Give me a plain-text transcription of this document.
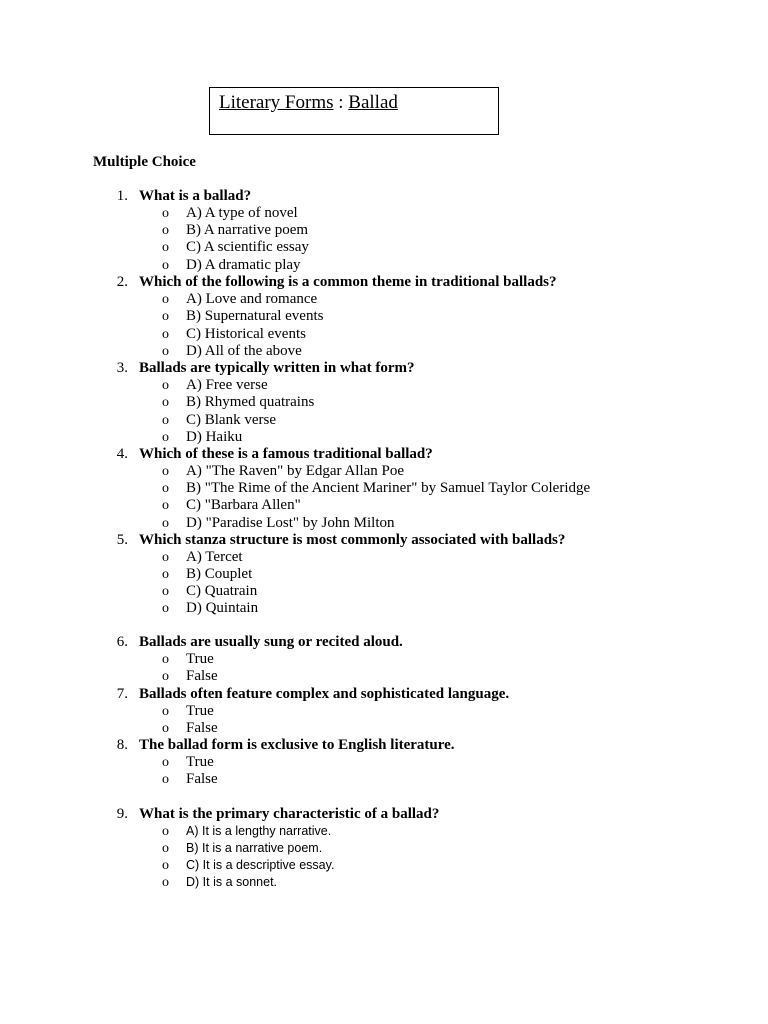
Literary Forms : Ballad
Multiple Choice
1. What is a ballad?
o A) A type of novel
o B) A narrative poem
o C) A scientific essay
o D) A dramatic play
2. Which of the following is a common theme in traditional ballads?
o A) Love and romance
o B) Supernatural events
o C) Historical events
o D) All of the above
3. Ballads are typically written in what form?
o A) Free verse
o B) Rhymed quatrains
o C) Blank verse
o D) Haiku
4. Which of these is a famous traditional ballad?
o A) "The Raven" by Edgar Allan Poe
o B) "The Rime of the Ancient Mariner" by Samuel Taylor Coleridge
o C) "Barbara Allen"
o D) "Paradise Lost" by John Milton
5. Which stanza structure is most commonly associated with ballads?
o A) Tercet
o B) Couplet
o C) Quatrain
o D) Quintain
6. Ballads are usually sung or recited aloud.
o True
o False
7. Ballads often feature complex and sophisticated language.
o True
o False
8. The ballad form is exclusive to English literature.
o True
o False
9. What is the primary characteristic of a ballad?
o A) It is a lengthy narrative.
o B) It is a narrative poem.
o C) It is a descriptive essay.
o D) It is a sonnet.
